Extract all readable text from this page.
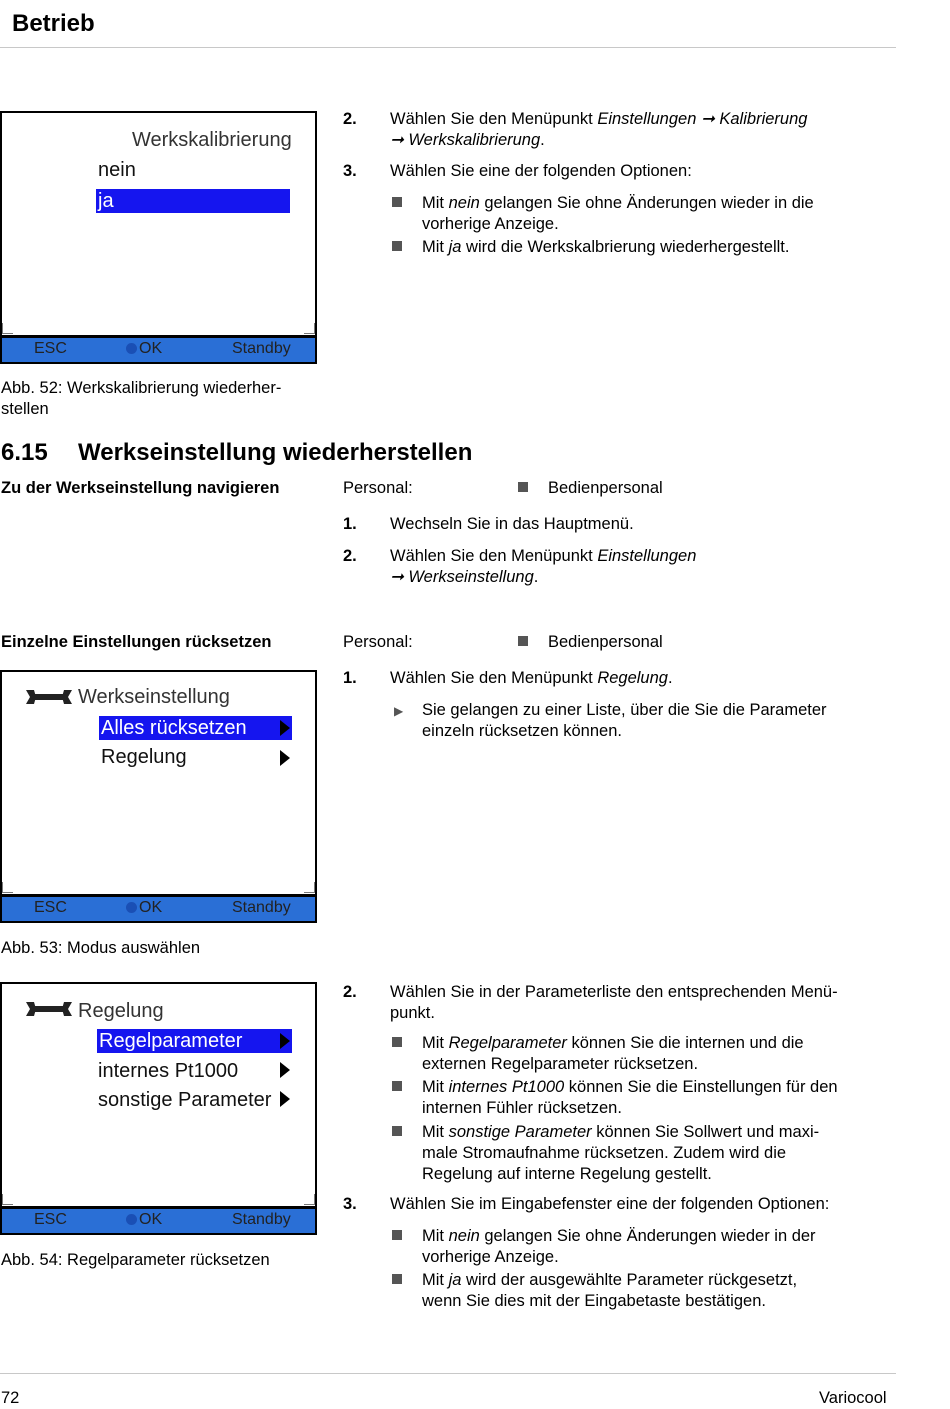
Betrieb
Werkskalibrierung
nein
ja
ESC	OK	Standby
Abb. 52: Werkskalibrierung wiederher-
stellen
2. Wählen Sie den Menüpunkt Einstellungen ➞ Kalibrierung
➞ Werkskalibrierung.
3. Wählen Sie eine der folgenden Optionen:
Mit nein gelangen Sie ohne Änderungen wieder in die
vorherige Anzeige.
Mit ja wird die Werkskalbrierung wiederhergestellt.
6.15 Werkseinstellung wiederherstellen
Zu der Werkseinstellung navigieren	Personal:	Bedienpersonal
1. Wechseln Sie in das Hauptmenü.
2. Wählen Sie den Menüpunkt Einstellungen
➞ Werkseinstellung.
Einzelne Einstellungen rücksetzen	Personal:	Bedienpersonal
1. Wählen Sie den Menüpunkt Regelung.
▶ Sie gelangen zu einer Liste, über die Sie die Parameter
einzeln rücksetzen können.
Werkseinstellung
Alles rücksetzen
Regelung
ESC	OK	Standby
Abb. 53: Modus auswählen
Regelung
Regelparameter
internes Pt1000
sonstige Parameter
ESC	OK	Standby
Abb. 54: Regelparameter rücksetzen
2. Wählen Sie in der Parameterliste den entsprechenden Menü-
punkt.
Mit Regelparameter können Sie die internen und die
externen Regelparameter rücksetzen.
Mit internes Pt1000 können Sie die Einstellungen für den
internen Fühler rücksetzen.
Mit sonstige Parameter können Sie Sollwert und maxi-
male Stromaufnahme rücksetzen. Zudem wird die
Regelung auf interne Regelung gestellt.
3. Wählen Sie im Eingabefenster eine der folgenden Optionen:
Mit nein gelangen Sie ohne Änderungen wieder in der
vorherige Anzeige.
Mit ja wird der ausgewählte Parameter rückgesetzt,
wenn Sie dies mit der Eingabetaste bestätigen.
72	Variocool
